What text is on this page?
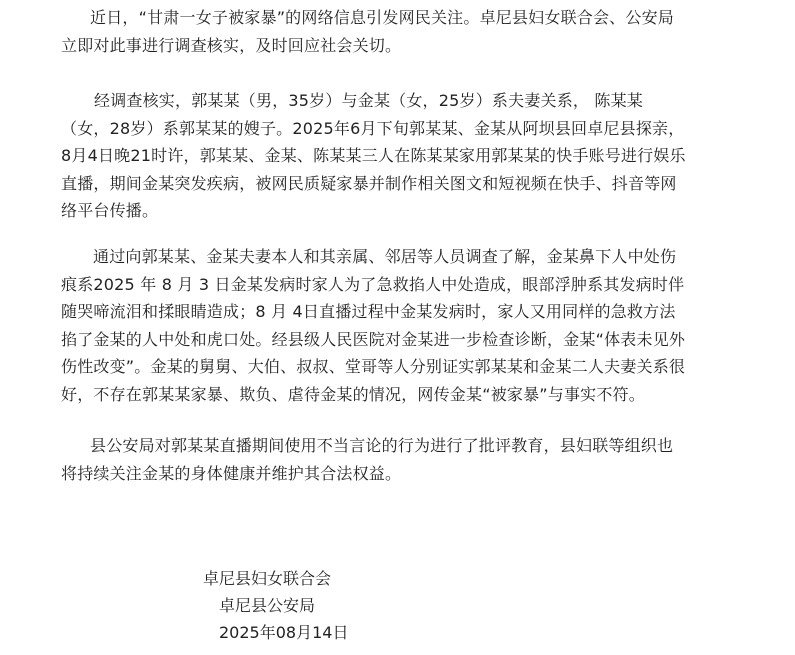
近日，“甘肃一女子被家暴”的网络信息引发网民关注。卓尼县妇女联合会、公安局
立即对此事进行调查核实，及时回应社会关切。
经调查核实，郭某某（男，35岁）与金某（女，25岁）系夫妻关系， 陈某某
（女，28岁）系郭某某的嫂子。2025年6月下旬郭某某、金某从阿坝县回卓尼县探亲，
8月4日晚21时许，郭某某、金某、陈某某三人在陈某某家用郭某某的快手账号进行娱乐
直播，期间金某突发疾病，被网民质疑家暴并制作相关图文和短视频在快手、抖音等网
络平台传播。
通过向郭某某、金某夫妻本人和其亲属、邻居等人员调查了解，金某鼻下人中处伤
痕系2025 年 8 月 3 日金某发病时家人为了急救掐人中处造成，眼部浮肿系其发病时伴
随哭啼流泪和揉眼睛造成；8 月 4日直播过程中金某发病时，家人又用同样的急救方法
掐了金某的人中处和虎口处。经县级人民医院对金某进一步检查诊断，金某“体表未见外
伤性改变”。金某的舅舅、大伯、叔叔、堂哥等人分别证实郭某某和金某二人夫妻关系很
好，不存在郭某某家暴、欺负、虐待金某的情况，网传金某“被家暴”与事实不符。
县公安局对郭某某直播期间使用不当言论的行为进行了批评教育，县妇联等组织也
将持续关注金某的身体健康并维护其合法权益。
卓尼县妇女联合会
卓尼县公安局
2025年08月14日
